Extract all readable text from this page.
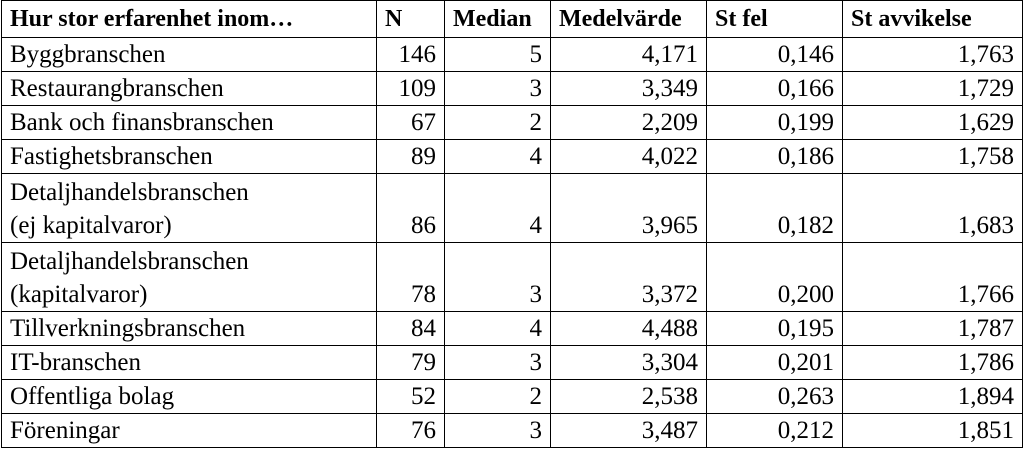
Hur stor erfarenhet inom…	N	Median	Medelvärde	St fel	St avvikelse

Byggbranschen	146	5	4,171	0,146	1,763

Restaurangbranschen	109	3	3,349	0,166	1,729

Bank och finansbranschen	67	2	2,209	0,199	1,629

Fastighetsbranschen	89	4	4,022	0,186	1,758

Detaljhandelsbranschen
(ej kapitalvaror)	86	4	3,965	0,182	1,683

Detaljhandelsbranschen
(kapitalvaror)	78	3	3,372	0,200	1,766

Tillverkningsbranschen	84	4	4,488	0,195	1,787

IT-branschen	79	3	3,304	0,201	1,786

Offentliga bolag	52	2	2,538	0,263	1,894

Föreningar	76	3	3,487	0,212	1,851
